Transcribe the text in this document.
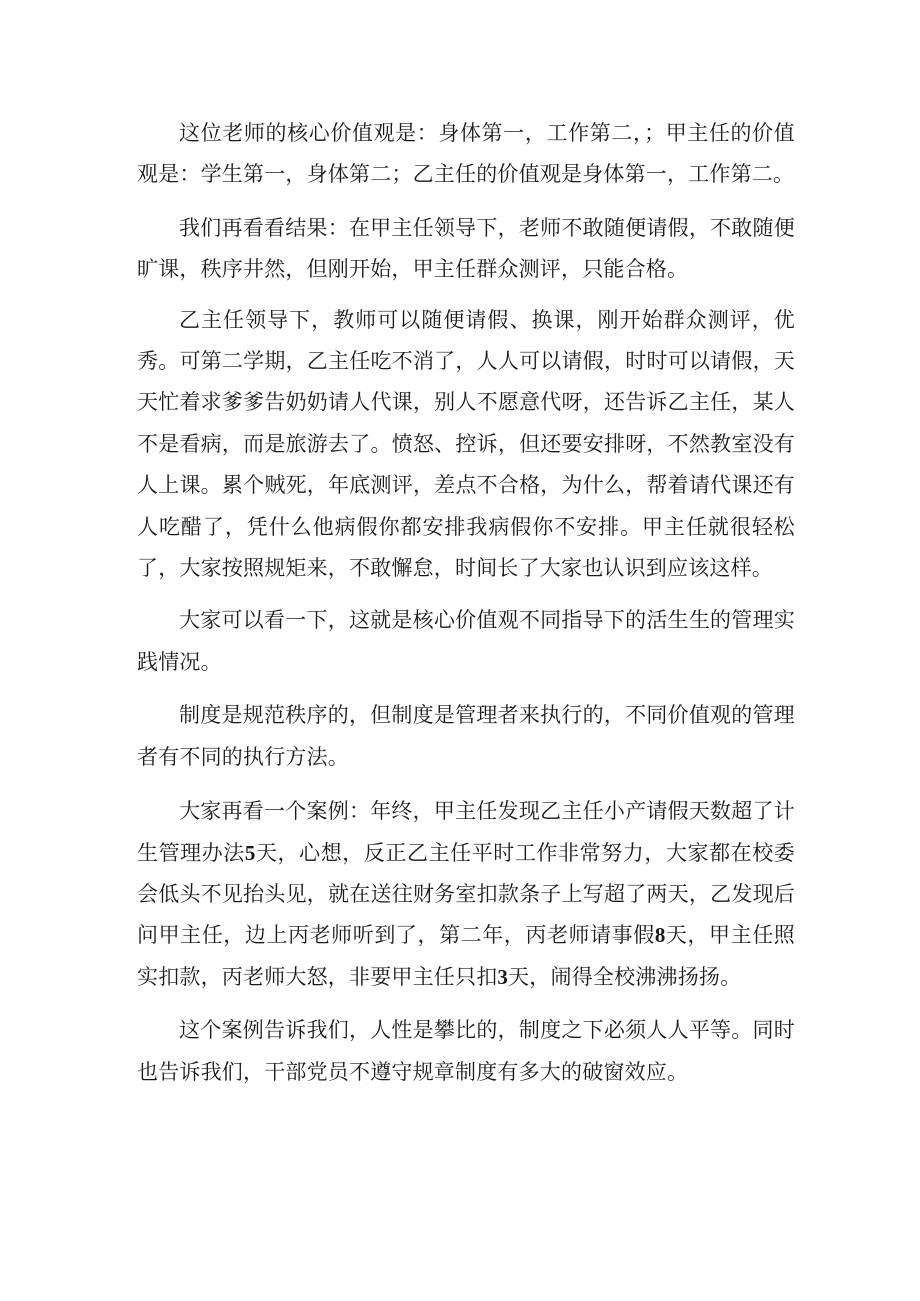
这位老师的核心价值观是：身体第一，工作第二，；甲主任的价值观是：学生第一，身体第二；乙主任的价值观是身体第一，工作第二。

我们再看看结果：在甲主任领导下，老师不敢随便请假，不敢随便旷课，秩序井然，但刚开始，甲主任群众测评，只能合格。

乙主任领导下，教师可以随便请假、换课，刚开始群众测评，优秀。可第二学期，乙主任吃不消了，人人可以请假，时时可以请假，天天忙着求爹爹告奶奶请人代课，别人不愿意代呀，还告诉乙主任，某人不是看病，而是旅游去了。愤怒、控诉，但还要安排呀，不然教室没有人上课。累个贼死，年底测评，差点不合格，为什么，帮着请代课还有人吃醋了，凭什么他病假你都安排我病假你不安排。甲主任就很轻松了，大家按照规矩来，不敢懈怠，时间长了大家也认识到应该这样。

大家可以看一下，这就是核心价值观不同指导下的活生生的管理实践情况。

制度是规范秩序的，但制度是管理者来执行的，不同价值观的管理者有不同的执行方法。

大家再看一个案例：年终，甲主任发现乙主任小产请假天数超了计生管理办法5天，心想，反正乙主任平时工作非常努力，大家都在校委会低头不见抬头见，就在送往财务室扣款条子上写超了两天，乙发现后问甲主任，边上丙老师听到了，第二年，丙老师请事假8天，甲主任照实扣款，丙老师大怒，非要甲主任只扣3天，闹得全校沸沸扬扬。

这个案例告诉我们，人性是攀比的，制度之下必须人人平等。同时也告诉我们，干部党员不遵守规章制度有多大的破窗效应。
